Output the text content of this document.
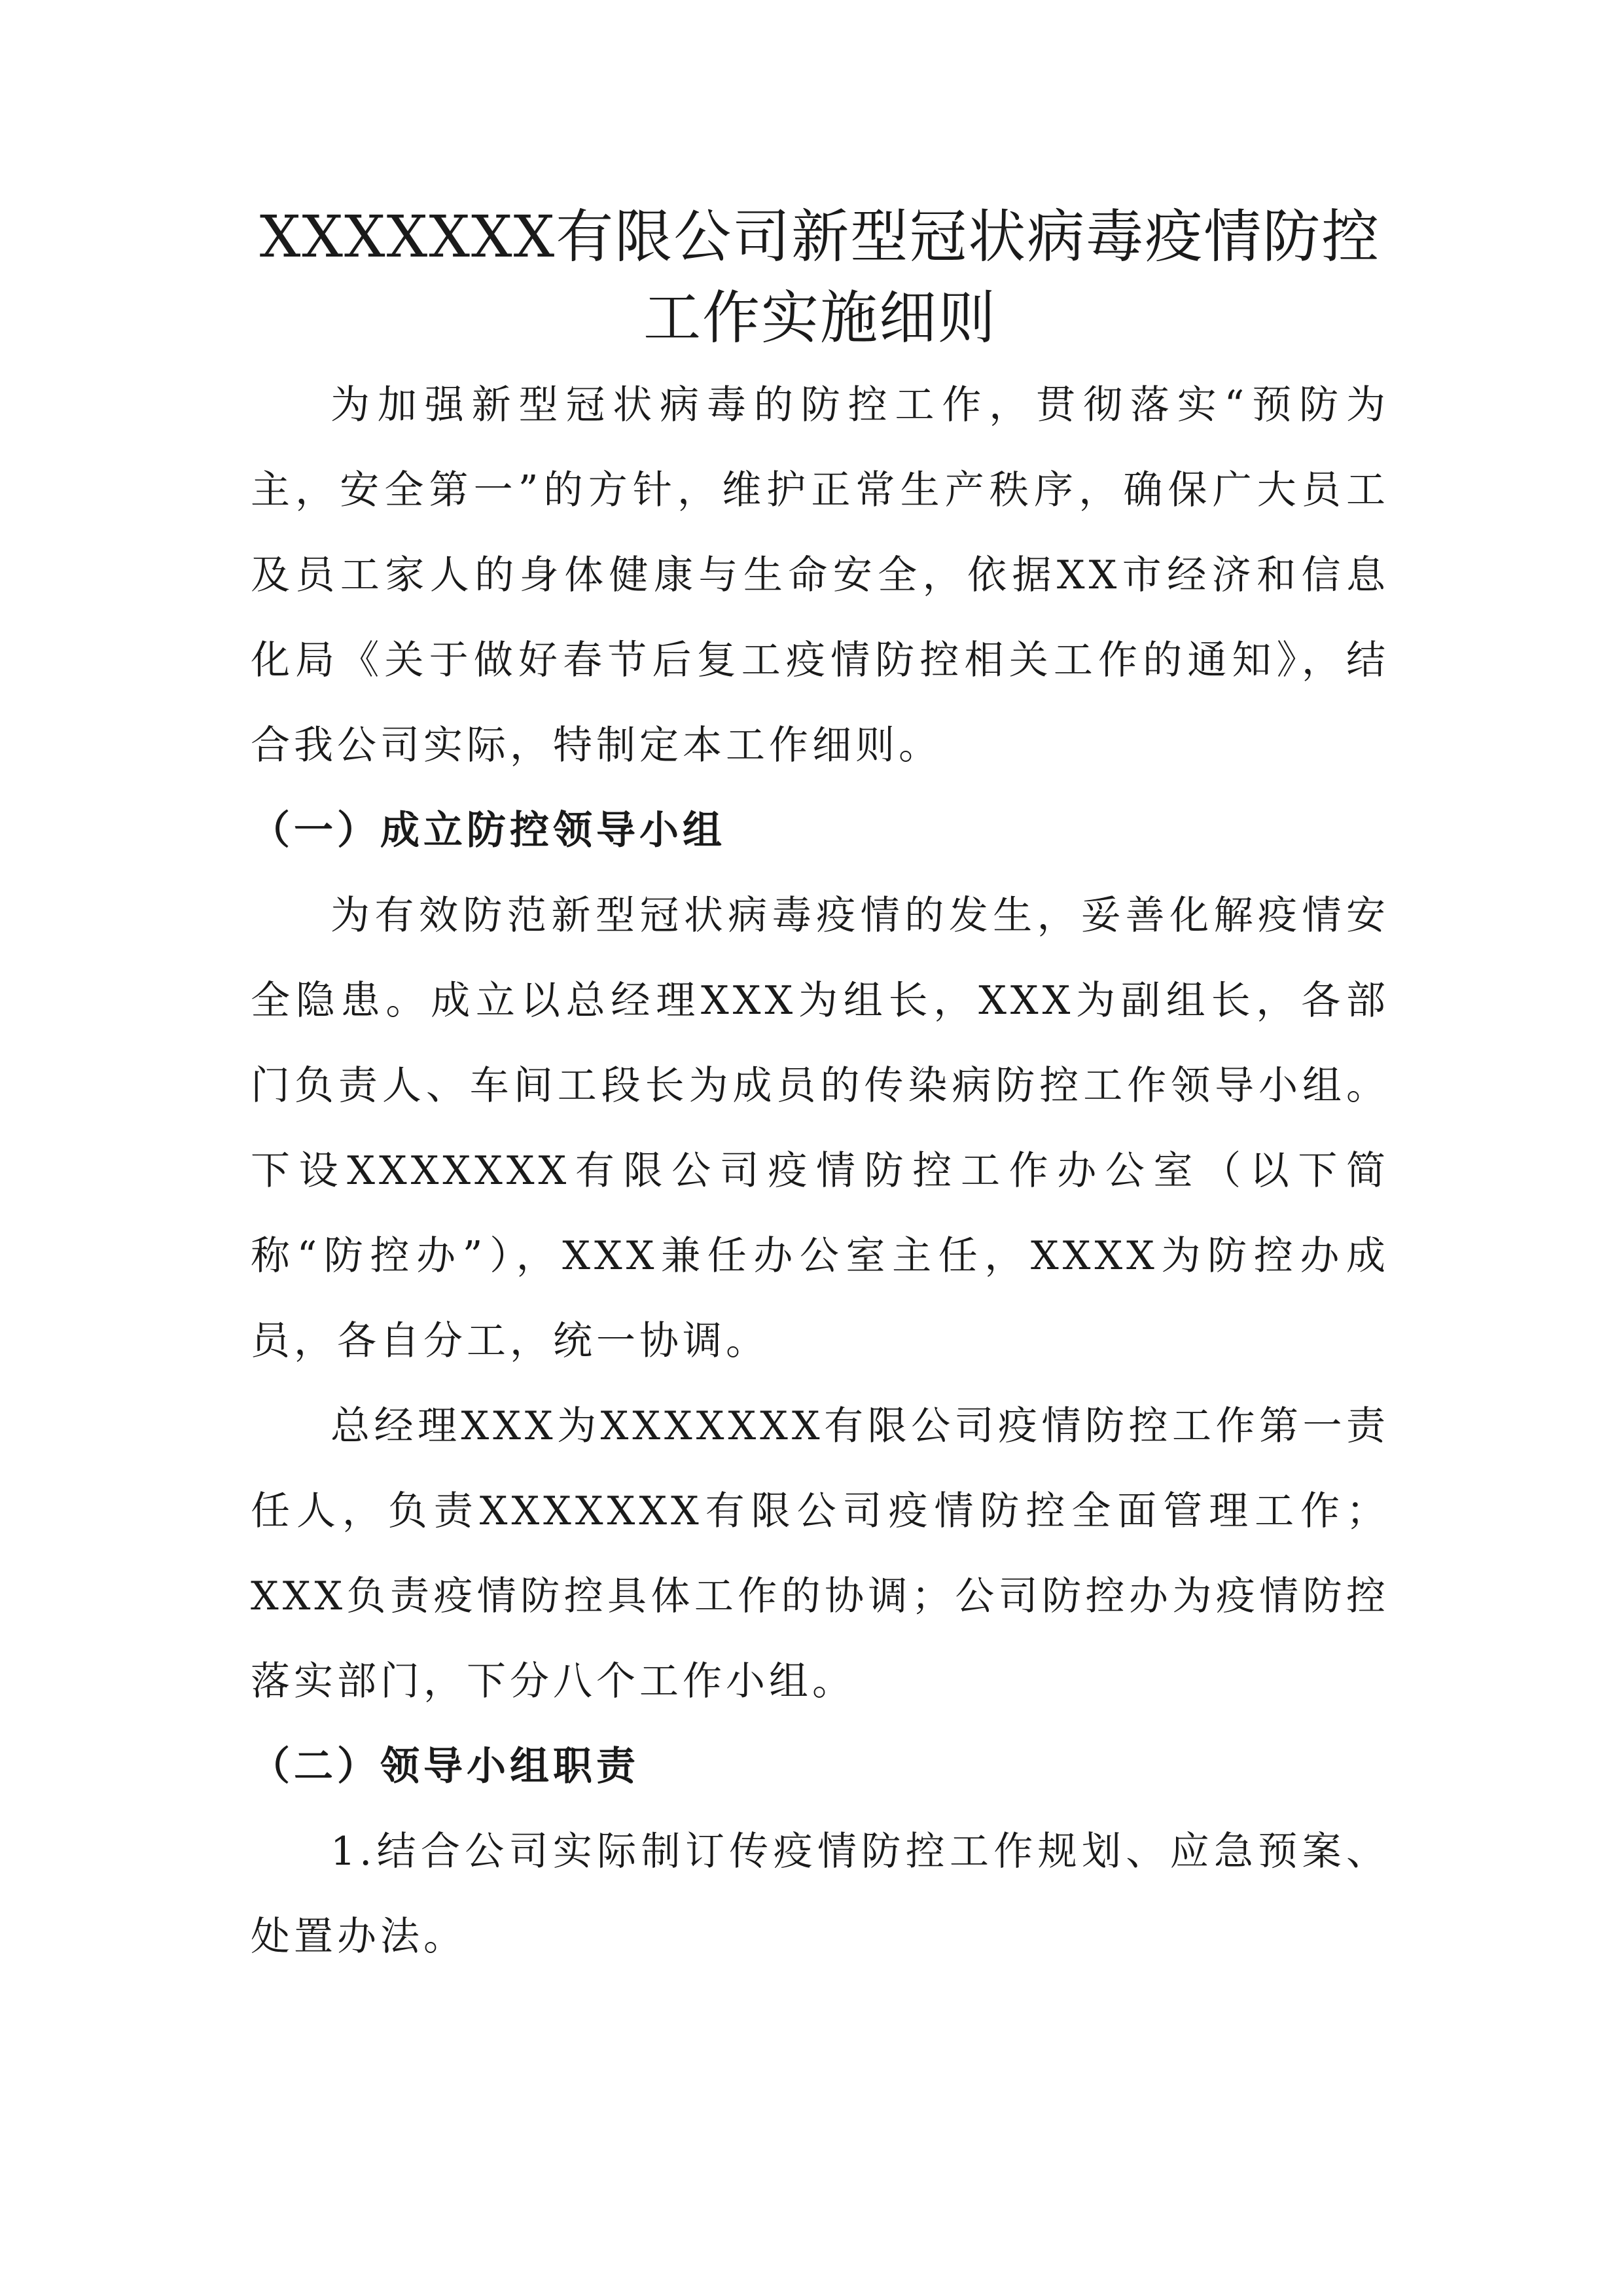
XXXXXXX有限公司新型冠状病毒疫情防控工作实施细则

为加强新型冠状病毒的防控工作，贯彻落实“预防为主，安全第一”的方针，维护正常生产秩序，确保广大员工及员工家人的身体健康与生命安全，依据XX市经济和信息化局《关于做好春节后复工疫情防控相关工作的通知》，结合我公司实际，特制定本工作细则。

（一）成立防控领导小组

为有效防范新型冠状病毒疫情的发生，妥善化解疫情安全隐患。成立以总经理XXX为组长，XXX为副组长，各部门负责人、车间工段长为成员的传染病防控工作领导小组。下设XXXXXXX有限公司疫情防控工作办公室（以下简称“防控办”），XXX兼任办公室主任，XXXX为防控办成员，各自分工，统一协调。

总经理XXX为XXXXXXX有限公司疫情防控工作第一责任人，负责XXXXXXX有限公司疫情防控全面管理工作；XXX负责疫情防控具体工作的协调；公司防控办为疫情防控落实部门，下分八个工作小组。

（二）领导小组职责

1.结合公司实际制订传疫情防控工作规划、应急预案、处置办法。
